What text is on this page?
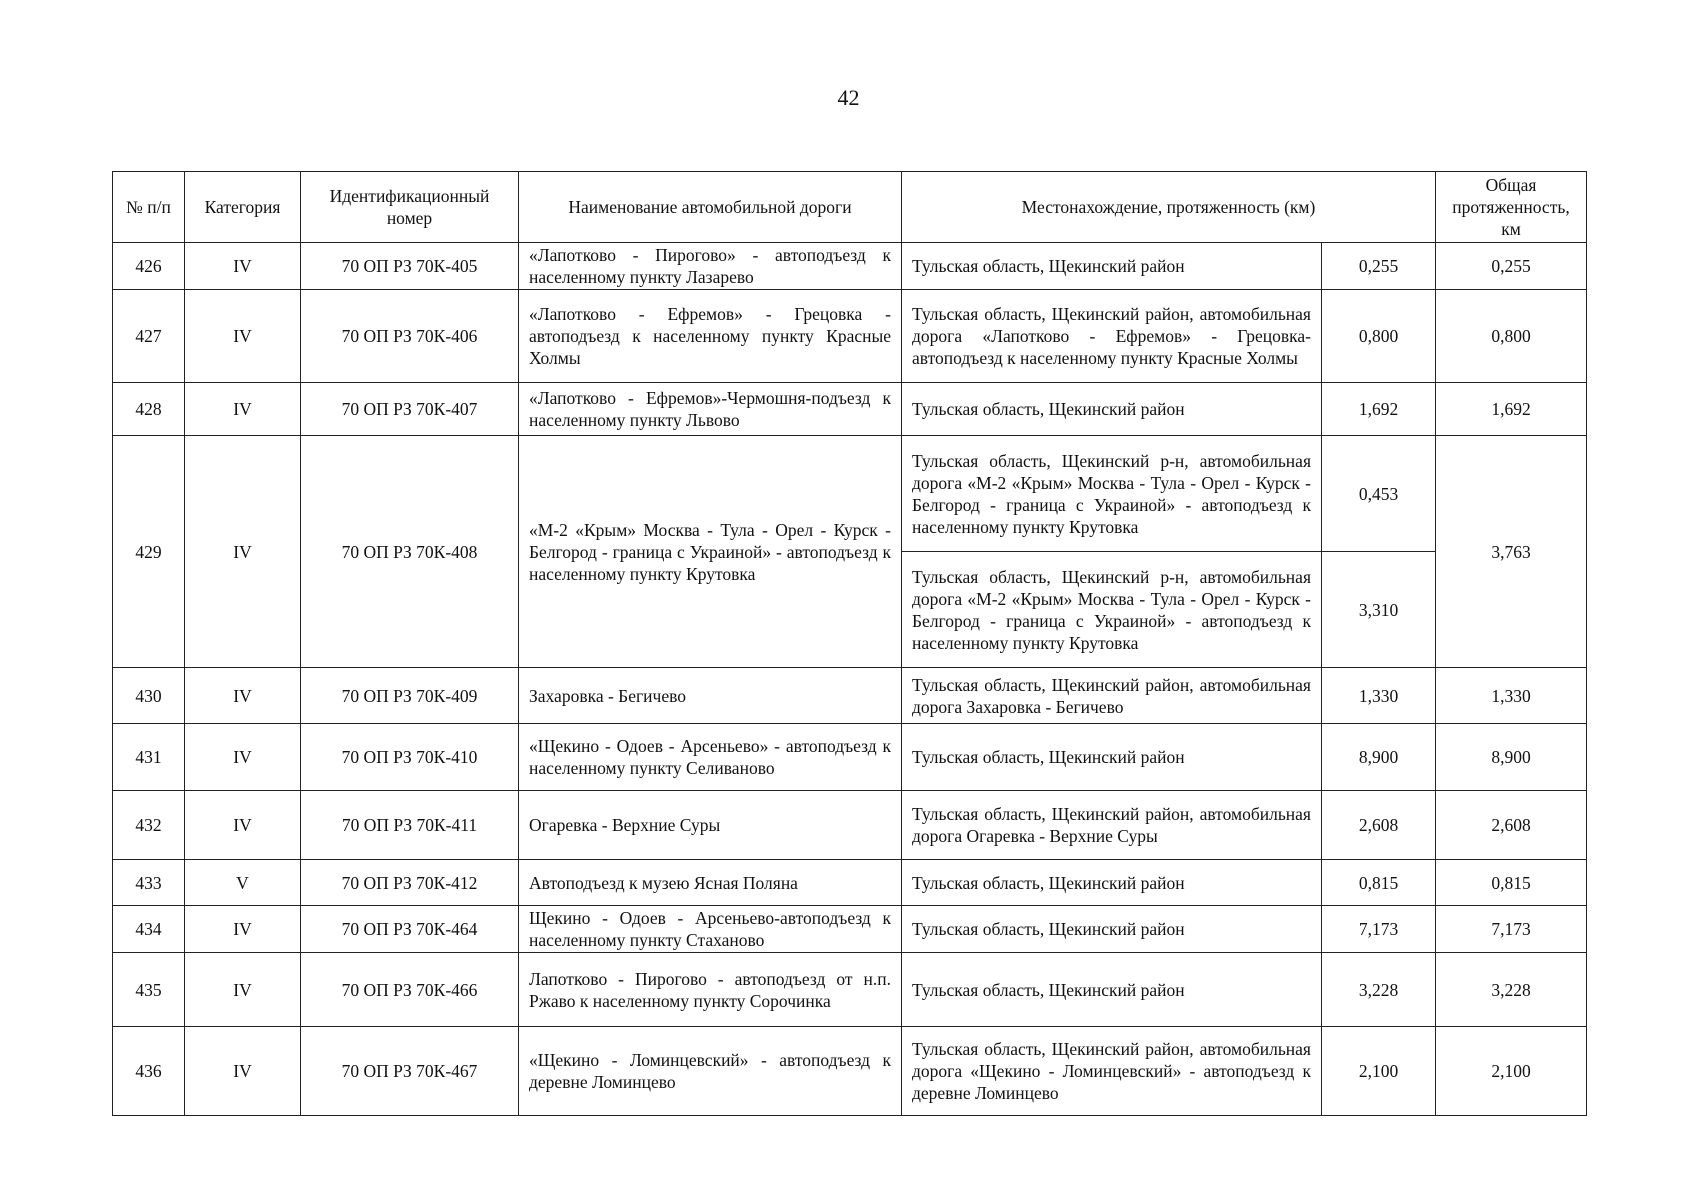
42
№ п/п	Категория	Идентификационный номер	Наименование автомобильной дороги	Местонахождение, протяженность (км)		Общая протяженность, км
426	IV	70 ОП РЗ 70К-405	«Лапотково - Пирогово» - автоподъезд к населенному пункту Лазарево	Тульская область, Щекинский район	0,255	0,255
427	IV	70 ОП РЗ 70К-406	«Лапотково - Ефремов» - Грецовка - автоподъезд к населенному пункту Красные Холмы	Тульская область, Щекинский район, автомобильная дорога «Лапотково - Ефремов» - Грецовка-автоподъезд к населенному пункту Красные Холмы	0,800	0,800
428	IV	70 ОП РЗ 70К-407	«Лапотково - Ефремов»-Чермошня-подъезд к населенному пункту Львово	Тульская область, Щекинский район	1,692	1,692
429	IV	70 ОП РЗ 70К-408	«М-2 «Крым» Москва - Тула - Орел - Курск - Белгород - граница с Украиной» - автоподъезд к населенному пункту Крутовка	Тульская область, Щекинский р-н, автомобильная дорога «М-2 «Крым» Москва - Тула - Орел - Курск - Белгород - граница с Украиной» - автоподъезд к населенному пункту Крутовка	0,453	3,763
				Тульская область, Щекинский р-н, автомобильная дорога «М-2 «Крым» Москва - Тула - Орел - Курск - Белгород - граница с Украиной» - автоподъезд к населенному пункту Крутовка	3,310	
430	IV	70 ОП РЗ 70К-409	Захаровка - Бегичево	Тульская область, Щекинский район, автомобильная дорога Захаровка - Бегичево	1,330	1,330
431	IV	70 ОП РЗ 70К-410	«Щекино - Одоев - Арсеньево» - автоподъезд к населенному пункту Селиваново	Тульская область, Щекинский район	8,900	8,900
432	IV	70 ОП РЗ 70К-411	Огаревка - Верхние Суры	Тульская область, Щекинский район, автомобильная дорога Огаревка - Верхние Суры	2,608	2,608
433	V	70 ОП РЗ 70К-412	Автоподъезд к музею Ясная Поляна	Тульская область, Щекинский район	0,815	0,815
434	IV	70 ОП РЗ 70К-464	Щекино - Одоев - Арсеньево-автоподъезд к населенному пункту Стаханово	Тульская область, Щекинский район	7,173	7,173
435	IV	70 ОП РЗ 70К-466	Лапотково - Пирогово - автоподъезд от н.п. Ржаво к населенному пункту Сорочинка	Тульская область, Щекинский район	3,228	3,228
436	IV	70 ОП РЗ 70К-467	«Щекино - Ломинцевский» - автоподъезд к деревне Ломинцево	Тульская область, Щекинский район, автомобильная дорога «Щекино - Ломинцевский» - автоподъезд к деревне Ломинцево	2,100	2,100
